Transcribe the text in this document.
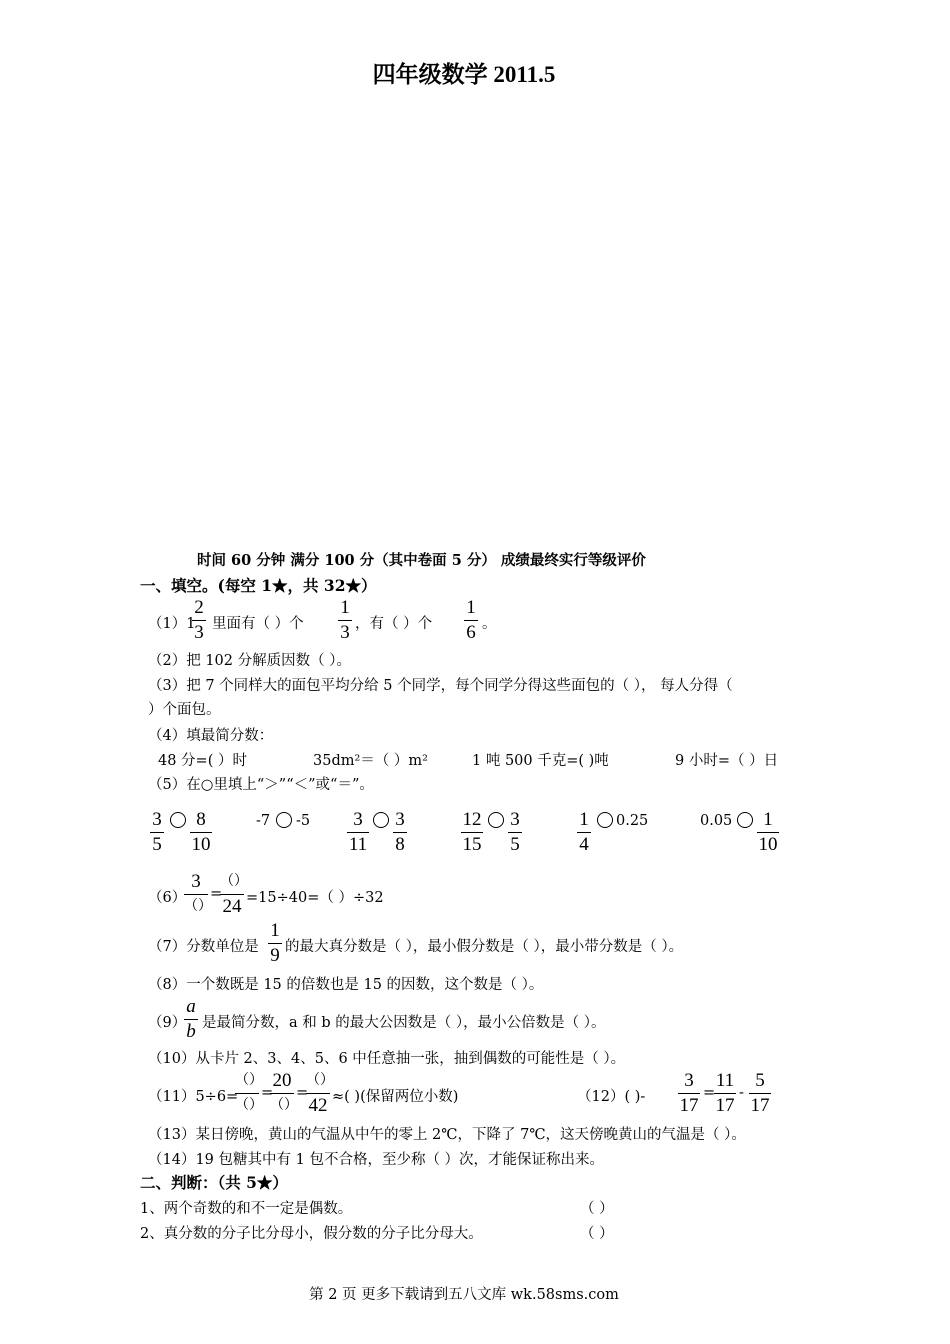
四年级数学 2011.5
时间 60 分钟 满分 100 分（其中卷面 5 分） 成绩最终实行等级评价
一、填空。(每空 1★，共 32★）
（1）1
2
3 里面有（ ）个
1
3 ，有（ ）个
1
6 。
（2）把 102 分解质因数（ ）。
（3）把 7 个同样大的面包平均分给 5 个同学，每个同学分得这些面包的（ ）， 每人分得（
）个面包。
（4）填最简分数：
48 分=( ）时	35dm²＝（ ）m²	1 吨 500 千克=( )吨	9 小时=（ ）日
（5）在○里填上“＞”“＜”或“＝”。
3
5
8
10
-7 -5	3
11
3
8
12
15
3
5
1
4
0.25	0.05	1
10
（6）
3
（）
=
（）
24 =15÷40=（ ）÷32
（7）分数单位是
1
9 的最大真分数是（ ），最小假分数是（ ），最小带分数是（ ）。
（8）一个数既是 15 的倍数也是 15 的因数，这个数是（ ）。
（9）
a
b 是最简分数，a 和 b 的最大公因数是（ ），最小公倍数是（ ）。
（10）从卡片 2、3、4、5、6 中任意抽一张，抽到偶数的可能性是（ ）。
（11）5÷6=
（）
（）
=
20
（）
=
（）
42 ≈( )(保留两位小数)	（12）( )-
3
17
=
11
17
-
5
17
（13）某日傍晚，黄山的气温从中午的零上 2℃，下降了 7℃，这天傍晚黄山的气温是（ ）。
（14）19 包糖其中有 1 包不合格，至少称（ ）次，才能保证称出来。
二、判断：（共 5★）
1、两个奇数的和不一定是偶数。	（ ）
2、真分数的分子比分母小，假分数的分子比分母大。	（ ）
第 2 页 更多下载请到五八文库 wk.58sms.com
